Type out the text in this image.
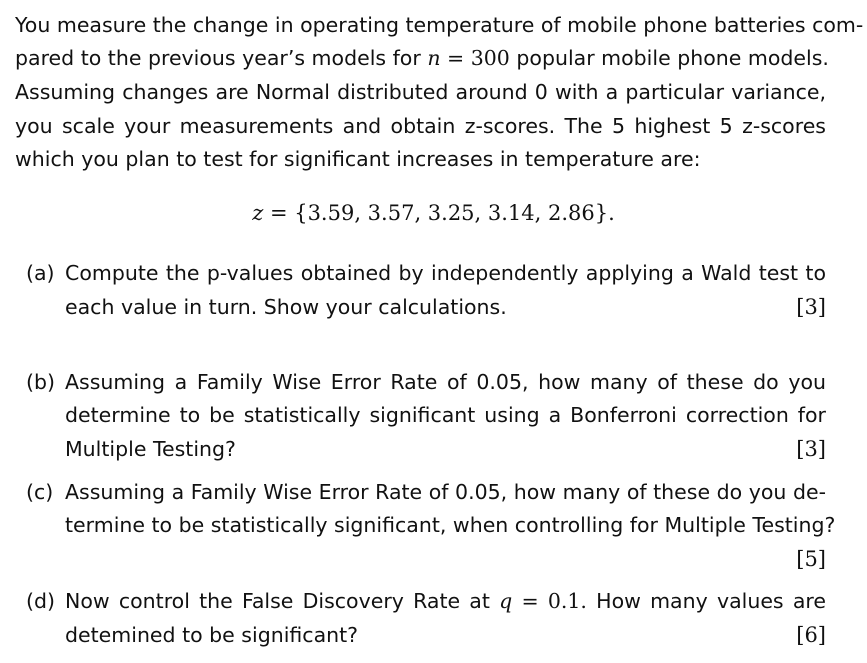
You measure the change in operating temperature of mobile phone batteries com-
pared to the previous year’s models for n = 300 popular mobile phone models.
Assuming changes are Normal distributed around 0 with a particular variance,
you scale your measurements and obtain z-scores. The 5 highest 5 z-scores
which you plan to test for significant increases in temperature are:
z = {3.59, 3.57, 3.25, 3.14, 2.86}.
(a) Compute the p-values obtained by independently applying a Wald test to
each value in turn. Show your calculations.	[3]
(b) Assuming a Family Wise Error Rate of 0.05, how many of these do you
determine to be statistically significant using a Bonferroni correction for
Multiple Testing?	[3]
(c) Assuming a Family Wise Error Rate of 0.05, how many of these do you de-
termine to be statistically significant, when controlling for Multiple Testing?
[5]
(d) Now control the False Discovery Rate at q = 0.1. How many values are
detemined to be significant?	[6]
